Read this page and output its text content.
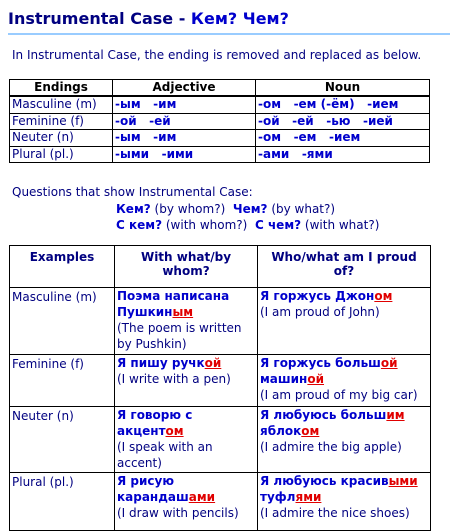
Instrumental Case - Кем? Чем?
In Instrumental Case, the ending is removed and replaced as below.
Endings	Adjective	Noun
Masculine (m)	-ым   -им	-ом   -ем (-ём)   -ием
Feminine (f)	-ой   -ей	-ой   -ей   -ью   -ией
Neuter (n)	-ым   -им	-ом   -ем   -ием
Plural (pl.)	-ыми   -ими	-ами   -ями
Questions that show Instrumental Case:
Кем? (by whom?)  Чем? (by what?)
С кем? (with whom?)  С чем? (with what?)
Examples	With what/by whom?	Who/what am I proud of?
Masculine (m)	Поэма написана
Пушкиным
(The poem is written by Pushkin)	Я горжусь Джоном
(I am proud of John)
Feminine (f)	Я пишу ручкой
(I write with a pen)	Я горжусь большой
машиной
(I am proud of my big car)
Neuter (n)	Я говорю с
акцентом
(I speak with an accent)	Я любуюсь большим
яблоком
(I admire the big apple)
Plural (pl.)	Я рисую
карандашами
(I draw with pencils)	Я любуюсь красивыми
туфлями
(I admire the nice shoes)
